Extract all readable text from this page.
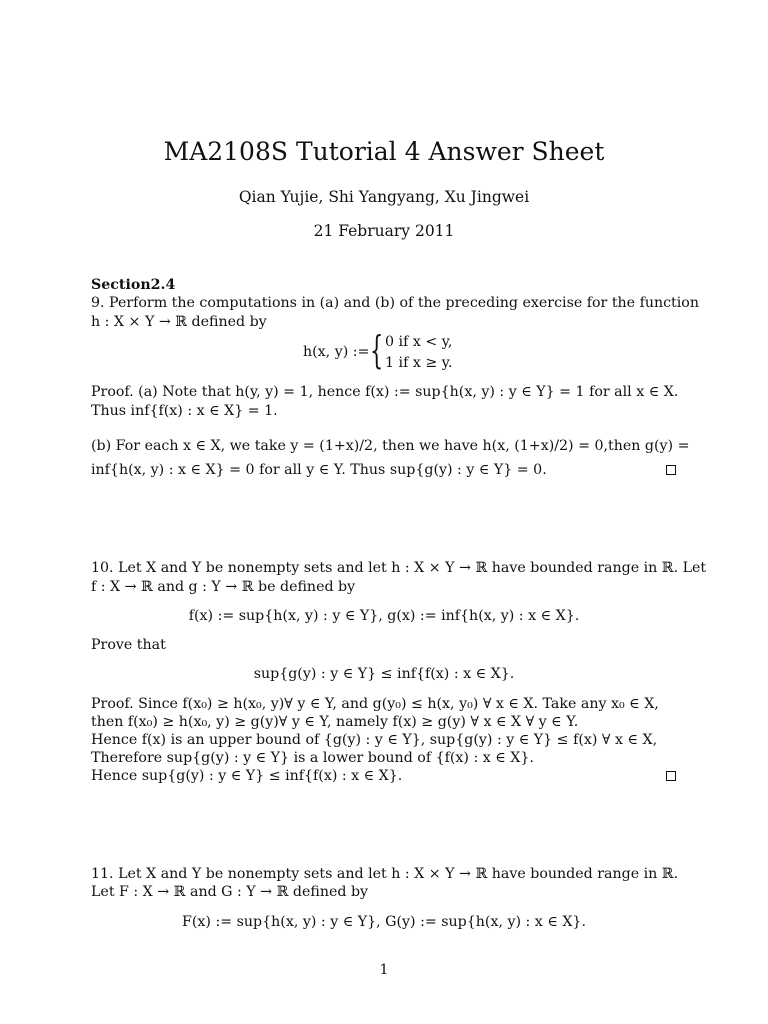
MA2108S Tutorial 4 Answer Sheet
Qian Yujie, Shi Yangyang, Xu Jingwei
21 February 2011
Section2.4
9. Perform the computations in (a) and (b) of the preceding exercise for the function
h : X × Y → ℝ defined by
h(x, y) := { 0 if x < y,
1 if x ≥ y.
Proof. (a) Note that h(y, y) = 1, hence f(x) := sup{h(x, y) : y ∈ Y} = 1 for all x ∈ X.
Thus inf{f(x) : x ∈ X} = 1.
(b) For each x ∈ X, we take y = (1+x)/2, then we have h(x, (1+x)/2) = 0,then g(y) =
inf{h(x, y) : x ∈ X} = 0 for all y ∈ Y. Thus sup{g(y) : y ∈ Y} = 0.
10. Let X and Y be nonempty sets and let h : X × Y → ℝ have bounded range in ℝ. Let
f : X → ℝ and g : Y → ℝ be defined by
f(x) := sup{h(x, y) : y ∈ Y}, g(x) := inf{h(x, y) : x ∈ X}.
Prove that
sup{g(y) : y ∈ Y} ≤ inf{f(x) : x ∈ X}.
Proof. Since f(x₀) ≥ h(x₀, y)∀ y ∈ Y, and g(y₀) ≤ h(x, y₀) ∀ x ∈ X. Take any x₀ ∈ X,
then f(x₀) ≥ h(x₀, y) ≥ g(y)∀ y ∈ Y, namely f(x) ≥ g(y) ∀ x ∈ X ∀ y ∈ Y.
Hence f(x) is an upper bound of {g(y) : y ∈ Y}, sup{g(y) : y ∈ Y} ≤ f(x) ∀ x ∈ X,
Therefore sup{g(y) : y ∈ Y} is a lower bound of {f(x) : x ∈ X}.
Hence sup{g(y) : y ∈ Y} ≤ inf{f(x) : x ∈ X}.
11. Let X and Y be nonempty sets and let h : X × Y → ℝ have bounded range in ℝ.
Let F : X → ℝ and G : Y → ℝ defined by
F(x) := sup{h(x, y) : y ∈ Y}, G(y) := sup{h(x, y) : x ∈ X}.
1
